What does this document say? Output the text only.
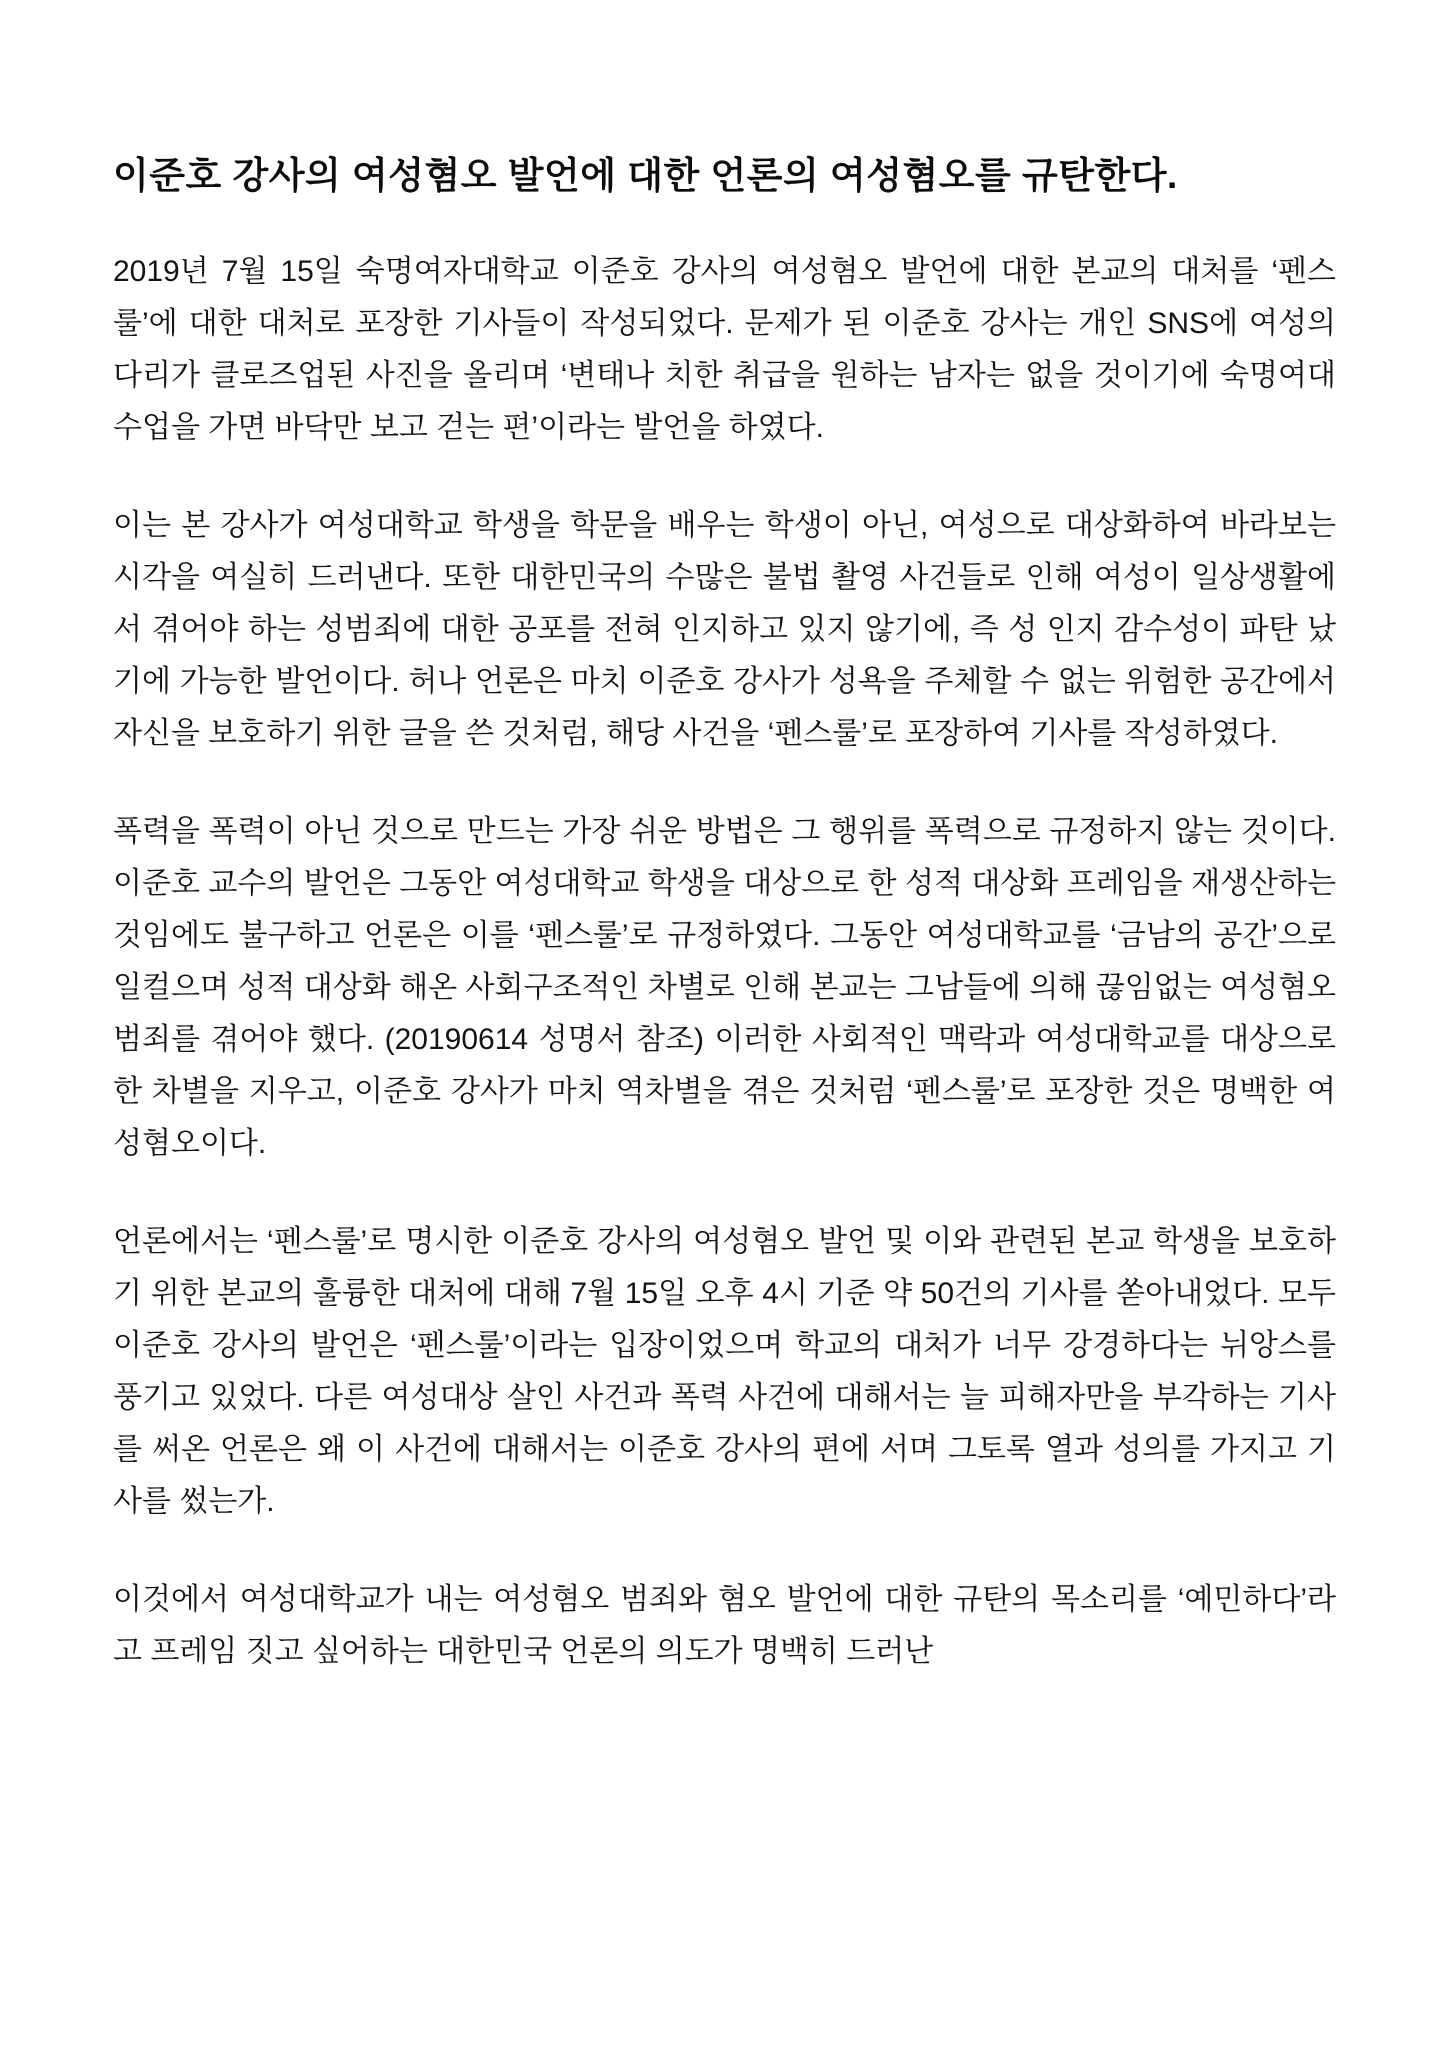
이준호 강사의 여성혐오 발언에 대한 언론의 여성혐오를 규탄한다.

2019년 7월 15일 숙명여자대학교 이준호 강사의 여성혐오 발언에 대한 본교의 대처를 ‘펜스룰’에 대한 대처로 포장한 기사들이 작성되었다. 문제가 된 이준호 강사는 개인 SNS에 여성의 다리가 클로즈업된 사진을 올리며 ‘변태나 치한 취급을 원하는 남자는 없을 것이기에 숙명여대 수업을 가면 바닥만 보고 걷는 편’이라는 발언을 하였다.

이는 본 강사가 여성대학교 학생을 학문을 배우는 학생이 아닌, 여성으로 대상화하여 바라보는 시각을 여실히 드러낸다. 또한 대한민국의 수많은 불법 촬영 사건들로 인해 여성이 일상생활에서 겪어야 하는 성범죄에 대한 공포를 전혀 인지하고 있지 않기에, 즉 성 인지 감수성이 파탄 났기에 가능한 발언이다. 허나 언론은 마치 이준호 강사가 성욕을 주체할 수 없는 위험한 공간에서 자신을 보호하기 위한 글을 쓴 것처럼, 해당 사건을 ‘펜스룰’로 포장하여 기사를 작성하였다.

폭력을 폭력이 아닌 것으로 만드는 가장 쉬운 방법은 그 행위를 폭력으로 규정하지 않는 것이다. 이준호 교수의 발언은 그동안 여성대학교 학생을 대상으로 한 성적 대상화 프레임을 재생산하는 것임에도 불구하고 언론은 이를 ‘펜스룰’로 규정하였다. 그동안 여성대학교를 ‘금남의 공간’으로 일컬으며 성적 대상화 해온 사회구조적인 차별로 인해 본교는 그남들에 의해 끊임없는 여성혐오 범죄를 겪어야 했다. (20190614 성명서 참조) 이러한 사회적인 맥락과 여성대학교를 대상으로 한 차별을 지우고, 이준호 강사가 마치 역차별을 겪은 것처럼 ‘펜스룰’로 포장한 것은 명백한 여성혐오이다.

언론에서는 ‘펜스룰’로 명시한 이준호 강사의 여성혐오 발언 및 이와 관련된 본교 학생을 보호하기 위한 본교의 훌륭한 대처에 대해 7월 15일 오후 4시 기준 약 50건의 기사를 쏟아내었다. 모두 이준호 강사의 발언은 ‘펜스룰’이라는 입장이었으며 학교의 대처가 너무 강경하다는 뉘앙스를 풍기고 있었다. 다른 여성대상 살인 사건과 폭력 사건에 대해서는 늘 피해자만을 부각하는 기사를 써온 언론은 왜 이 사건에 대해서는 이준호 강사의 편에 서며 그토록 열과 성의를 가지고 기사를 썼는가.

이것에서 여성대학교가 내는 여성혐오 범죄와 혐오 발언에 대한 규탄의 목소리를 ‘예민하다’라고 프레임 짓고 싶어하는 대한민국 언론의 의도가 명백히 드러난
